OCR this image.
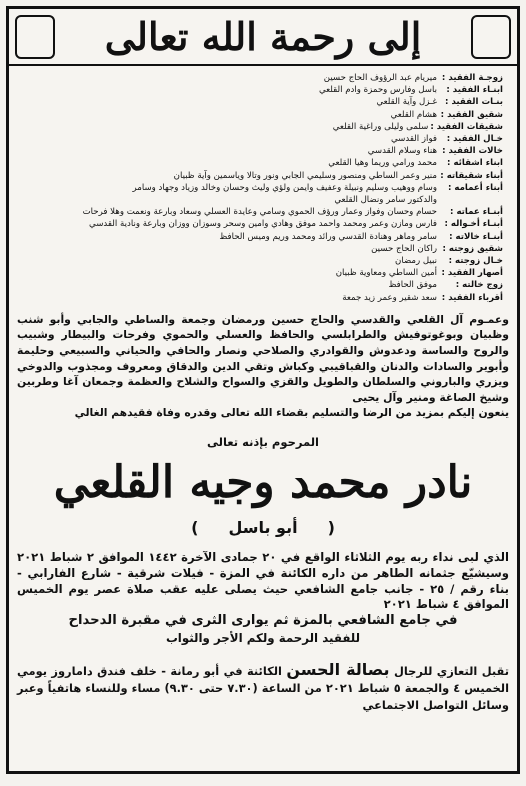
إلى رحمة الله تعالى
زوجـة الفقيد :
ميريام عبد الرؤوف الحاج حسين
ابنـاء الفقيد :
باسل وفارس وحمزة وادم القلعي
بنـات الفقيد :
غـزل وآية القلعي
شقيق الفقيد :
هشام القلعي
شقيقات الفقيد :
سلمى وليلى وراغية القلعي
خـال الفقيد :
فواز القدسي
خالات الفقيد :
هناء وسلام القدسي
ابناء اشقائه :
محمد ورامي وريما وهيا القلعي
أبناء شقيقاته :
منير وعمر الساطي ومنصور وسليمي الجابي ونور وتالا وياسمين وآية ظبيان
أبناء أعمامه :
وسام ووهيب وسليم ونبيلة وعفيف وايمن ولؤي وليث وحسان وخالد وزياد وجهاد وسامر
والدكتور سامر ونضال القلعي
أبنـاء عماته :
حسام وحسان وفواز وعمار ورؤف الحموي وسامي وعايدة العسلي وسعاد وبارعة ونعمت وهلا فرحات
أبنـاء أخـواله :
فارس ومازن وعمر ومحمد واحمد موفق وهادي وامين وسحر وسوزان ووزان وبارعة ونادية القدسي
أبنـاء خالاته :
سامر وماهر وهنادة القدسي ورائد ومحمد وريم وميس الحافظ
شقيق زوجته :
راكان الحاج حسين
خـال زوجته :
نبيل رمضان
أصهار الفقيد :
أمين الساطي ومعاوية ظبيان
زوج خالته :
موفق الحافظ
أقرباء الفقيد :
سعد شقير وعمر زيد جمعة
وعمـوم آل القلعي والقدسي والحاج حسين ورمضان وجمعة والساطي والجابي وأبو شنب وظبيان وبوغوتوفيش والطرابلسي والحافظ والعسلي والحموي وفرحات والبيطار وشبيب والروح والساسة ودعدوش والقوادري والصلاحي ونصار والحافي والحياني والسبيعي وحليمة وأبوير والسادات والدنان والقباقيبي وكباش وتقي الدين والدقاق ومعروف ومجذوب والدوخي ويزري والباروني والسلطان والطويل والقزي والسواح والشلاح والعظمة وجمعان آغا وطربين وشيخ الصاغة ومنير وآل يحيى
ينعون إليكم بمزيد من الرضا والتسليم بقضاء الله تعالى وقدره وفاة فقيدهم الغالي
المرحوم بإذنه تعالى
نادر محمد وجيه القلعي
(أبو باسل)
الذي لبى نداء ربه يوم الثلاثاء الواقع في ٢٠ جمادى الآخرة ١٤٤٢ الموافق ٢ شباط ٢٠٢١ وسيشيّع جثمانه الطاهر من داره الكائنة في المزة - فيلات شرقية - شارع الفارابي - بناء رقم / ٢٥ - جانب جامع الشافعي حيث يصلى عليه عقب صلاة عصر يوم الخميس الموافق ٤ شباط ٢٠٢١
في جامع الشافعي بالمزة ثم يوارى الثرى في مقبرة الدحداح
للفقيد الرحمة ولكم الأجر والثواب
تقبل التعازي للرجال بصالة الحسن الكائنة في أبو رمانة - خلف فندق داماروز يومي الخميس ٤ والجمعة ٥ شباط ٢٠٢١ من الساعة (٧.٣٠ حتى ٩.٣٠) مساء وللنساء هاتفياً وعبر وسائل التواصل الاجتماعي
